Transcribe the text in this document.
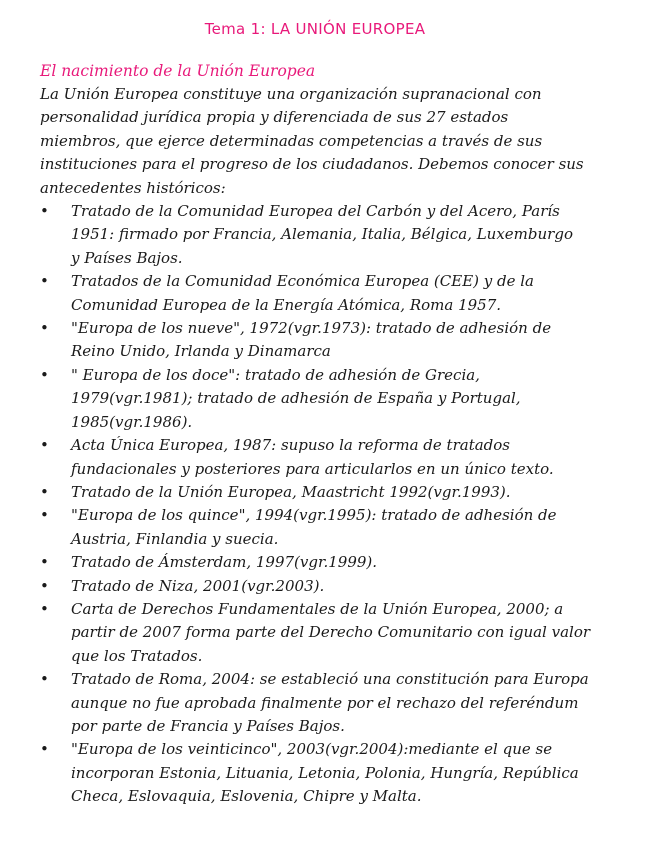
Tema 1: LA UNIÓN EUROPEA
El nacimiento de la Unión Europea

La Unión Europea constituye una organización supranacional con
personalidad jurídica propia y diferenciada de sus 27 estados
miembros, que ejerce determinadas competencias a través de sus
instituciones para el progreso de los ciudadanos. Debemos conocer sus
antecedentes históricos:

• Tratado de la Comunidad Europea del Carbón y del Acero, París
1951: firmado por Francia, Alemania, Italia, Bélgica, Luxemburgo
y Países Bajos.
• Tratados de la Comunidad Económica Europea (CEE) y de la
Comunidad Europea de la Energía Atómica, Roma 1957.
• "Europa de los nueve", 1972(vgr.1973): tratado de adhesión de
Reino Unido, Irlanda y Dinamarca
• " Europa de los doce": tratado de adhesión de Grecia,
1979(vgr.1981); tratado de adhesión de España y Portugal,
1985(vgr.1986).
• Acta Única Europea, 1987: supuso la reforma de tratados
fundacionales y posteriores para articularlos en un único texto.
• Tratado de la Unión Europea, Maastricht 1992(vgr.1993).
• "Europa de los quince", 1994(vgr.1995): tratado de adhesión de
Austria, Finlandia y suecia.
• Tratado de Ámsterdam, 1997(vgr.1999).
• Tratado de Niza, 2001(vgr.2003).
• Carta de Derechos Fundamentales de la Unión Europea, 2000; a
partir de 2007 forma parte del Derecho Comunitario con igual valor
que los Tratados.
• Tratado de Roma, 2004: se estableció una constitución para Europa
aunque no fue aprobada finalmente por el rechazo del referéndum
por parte de Francia y Países Bajos.
• "Europa de los veinticinco", 2003(vgr.2004):mediante el que se
incorporan Estonia, Lituania, Letonia, Polonia, Hungría, República
Checa, Eslovaquia, Eslovenia, Chipre y Malta.
